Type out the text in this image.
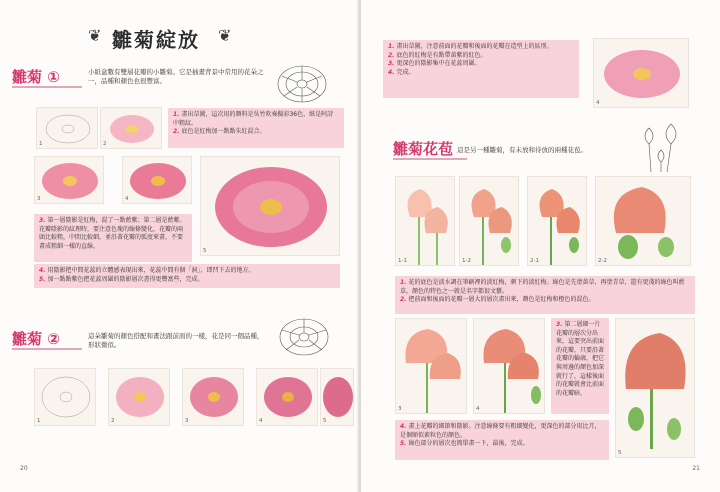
❦ 雛菊綻放 ❦
雛菊 ①	小紙盒數有雙層花瓣的小雛菊。它是插畫背景中常用的花朵之一，品種和顏色也很豐富。
1	2
1. 畫出草圖，這次用的顏料是吳竹吹奏擬彩36色，紙是阿詩中粗紋。
2. 底色是紅梅加一點點朱紅混合。
3	4
5
3. 第一層陰影是紅梅，混了一點藍紫；第二層是藍紫。花瓣陰影的紋理時，要注意色塊的線條變化，花瓣的兩頭比較粗，中間比較細，並沿著花瓣的弧度來畫，不要畫成粗細一樣的直線。
4. 用陰影把中間花蕊的立體感表現出來，花蕊中間有個「洞」，即凹下去的地方。
5. 加一點點紫色把花蕊周圍的陰影層次書得更豐富些，完成。
雛菊 ②	這朵雛菊的顏色搭配和畫法跟前面的一樣，花是同一個品種，形狀微似。
1	2	3	4	5
20
1. 畫出草圖，注意前面的花瓣和後面的花瓣在造型上的區別。
2. 底色的紅梅是有點帶黃紫的紅色。
3. 更深色的陰影集中在花蕊周圍。
4. 完成。
4
雛菊花苞 這是另一種雛菊，有未放和待放的兩種花苞。
1-1	1-2	2-1	2-2
1. 花的底色是淡水調在筆刷裡的淡紅梅，剩下的淡紅梅。綠色是先塗黃草，再塗青草，還有更淺的綠色叫藍草，顏色的特色之一就是名字都很文藝。
2. 把前面和後面的花瓣一層大的層次畫出來，顏色是紅梅和橙色的混色。
3	4
3. 第二層細一片花瓣的層次分出來，這要突出前面的花瓣，只要沿著花瓣的輪廓，把它與周邊的顏色加深就行了，這樣後面的花瓣就會比前面的花瓣暗。
5
4. 畫上花瓣的細節和陰影。注意線條要有粗細變化，更深色的部分用比月，是個順似素粒色的顏色。
5. 綠色部分的層次也簡單畫一下，最後，完成。
21
